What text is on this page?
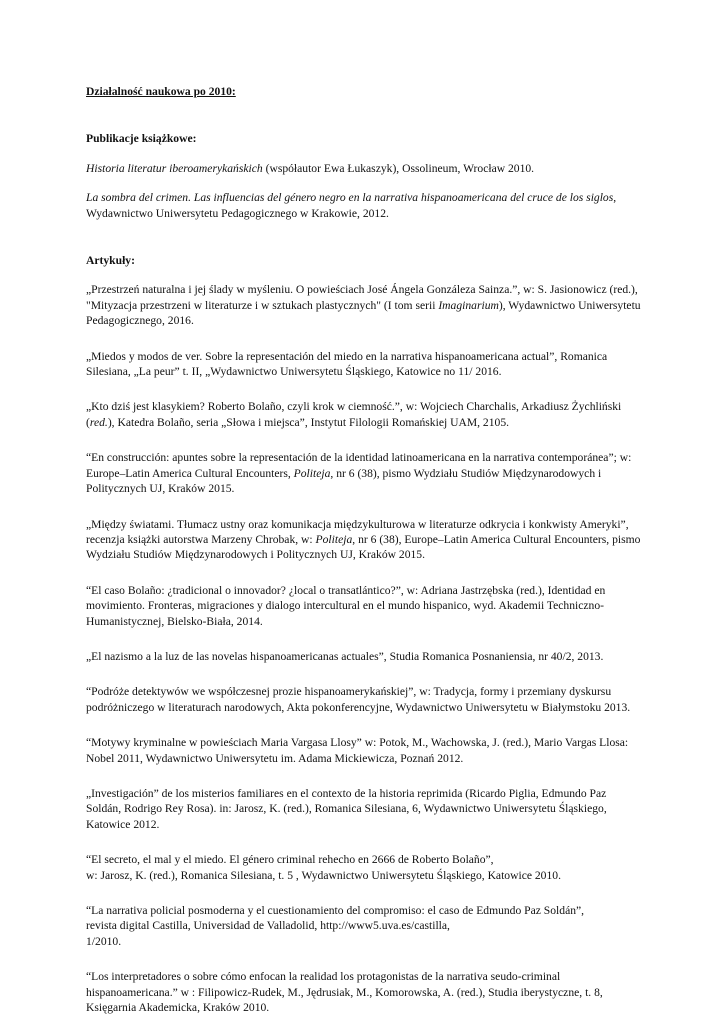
Działalność naukowa po 2010:

Publikacje książkowe:

Historia literatur iberoamerykańskich (współautor Ewa Łukaszyk), Ossolineum, Wrocław 2010.

La sombra del crimen. Las influencias del género negro en la narrativa hispanoamericana del cruce de los siglos, Wydawnictwo Uniwersytetu Pedagogicznego w Krakowie, 2012.

Artykuły:

„Przestrzeń naturalna i jej ślady w myśleniu. O powieściach José Ángela Gonzáleza Sainza.”, w: S. Jasionowicz (red.), "Mityzacja przestrzeni w literaturze i w sztukach plastycznych" (I tom serii Imaginarium), Wydawnictwo Uniwersytetu Pedagogicznego, 2016.

„Miedos y modos de ver. Sobre la representación del miedo en la narrativa hispanoamericana actual”, Romanica Silesiana, „La peur” t. II, „Wydawnictwo Uniwersytetu Śląskiego, Katowice no 11/ 2016.

„Kto dziś jest klasykiem? Roberto Bolaño, czyli krok w ciemność.”, w: Wojciech Charchalis, Arkadiusz Żychliński (red.), Katedra Bolaño, seria „Słowa i miejsca”, Instytut Filologii Romańskiej UAM, 2105.

“En construcción: apuntes sobre la representación de la identidad latinoamericana en la narrativa contemporánea”; w: Europe–Latin America Cultural Encounters, Politeja, nr 6 (38), pismo Wydziału Studiów Międzynarodowych i Politycznych UJ, Kraków 2015.

„Między światami. Tłumacz ustny oraz komunikacja międzykulturowa w literaturze odkrycia i konkwisty Ameryki”, recenzja książki autorstwa Marzeny Chrobak, w: Politeja, nr 6 (38), Europe–Latin America Cultural Encounters, pismo Wydziału Studiów Międzynarodowych i Politycznych UJ, Kraków 2015.

“El caso Bolaño: ¿tradicional o innovador? ¿local o transatlántico?”, w: Adriana Jastrzębska (red.), Identidad en movimiento. Fronteras, migraciones y dialogo intercultural en el mundo hispanico, wyd. Akademii Techniczno-Humanistycznej, Bielsko-Biała, 2014.

„El nazismo a la luz de las novelas hispanoamericanas actuales”, Studia Romanica Posnaniensia, nr 40/2, 2013.

“Podróże detektywów we współczesnej prozie hispanoamerykańskiej”, w: Tradycja, formy i przemiany dyskursu podróżniczego w literaturach narodowych, Akta pokonferencyjne, Wydawnictwo Uniwersytetu w Białymstoku 2013.

“Motywy kryminalne w powieściach Maria Vargasa Llosy” w: Potok, M., Wachowska, J. (red.), Mario Vargas Llosa: Nobel 2011, Wydawnictwo Uniwersytetu im. Adama Mickiewicza, Poznań 2012.

„Investigación” de los misterios familiares en el contexto de la historia reprimida (Ricardo Piglia, Edmundo Paz Soldán, Rodrigo Rey Rosa). in: Jarosz, K. (red.), Romanica Silesiana, 6, Wydawnictwo Uniwersytetu Śląskiego, Katowice 2012.

“El secreto, el mal y el miedo. El género criminal rehecho en 2666 de Roberto Bolaño”,
w: Jarosz, K. (red.), Romanica Silesiana, t. 5 , Wydawnictwo Uniwersytetu Śląskiego, Katowice 2010.

“La narrativa policial posmoderna y el cuestionamiento del compromiso: el caso de Edmundo Paz Soldán”,
revista digital Castilla, Universidad de Valladolid, http://www5.uva.es/castilla,
1/2010.

“Los interpretadores o sobre cómo enfocan la realidad los protagonistas de la narrativa seudo-criminal hispanoamericana.” w : Filipowicz-Rudek, M., Jędrusiak, M., Komorowska, A. (red.), Studia iberystyczne, t. 8, Księgarnia Akademicka, Kraków 2010.
